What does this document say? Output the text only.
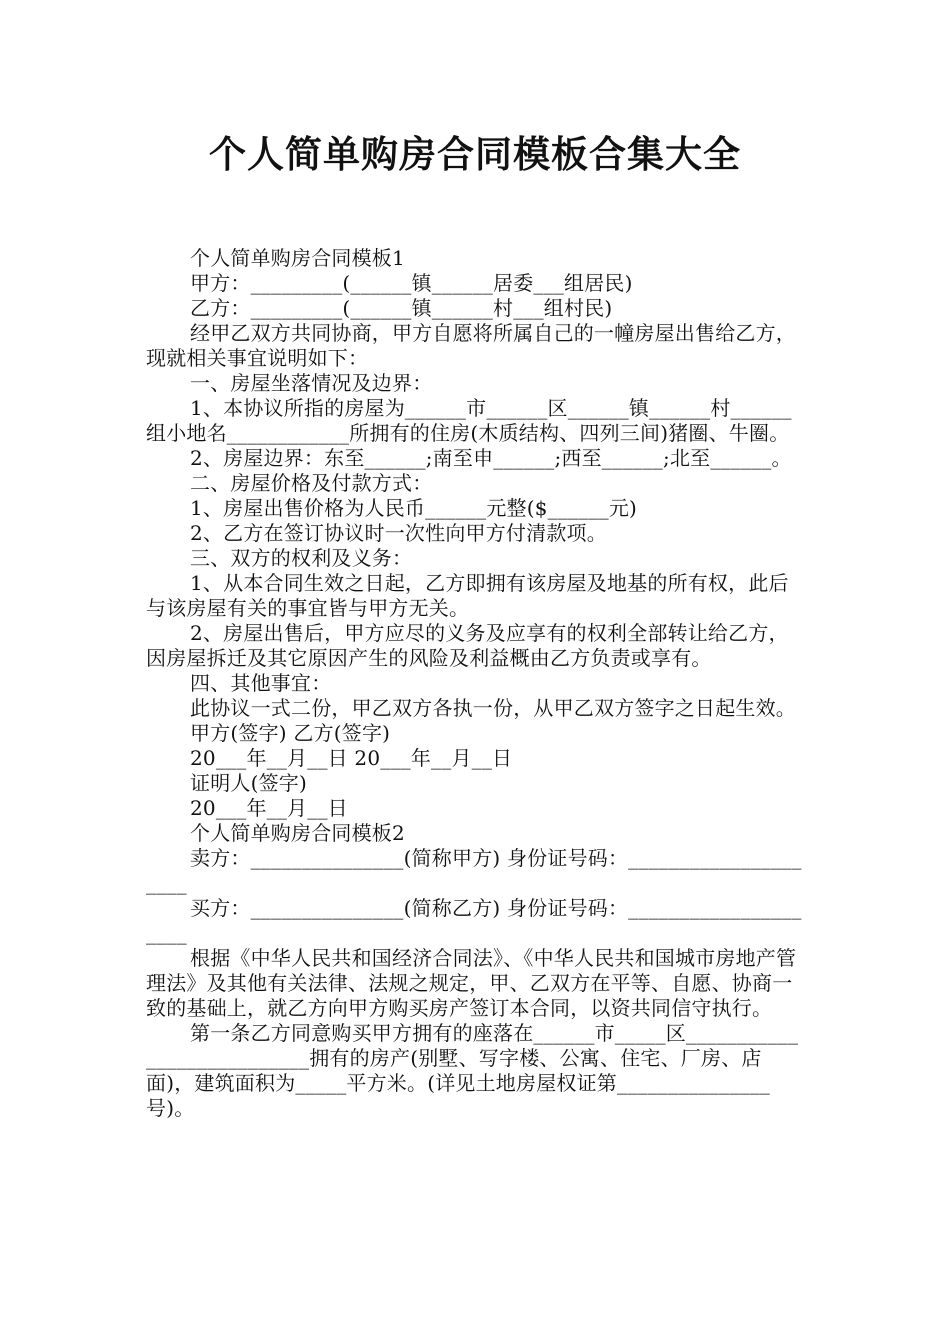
个人简单购房合同模板合集大全

个人简单购房合同模板1

甲方：_________(______镇______居委___组居民)

乙方：_________(______镇______村___组村民)

经甲乙双方共同协商，甲方自愿将所属自己的一幢房屋出售给乙方，现就相关事宜说明如下：

一、房屋坐落情况及边界：

1、本协议所指的房屋为______市______区______镇______村______组小地名____________所拥有的住房(木质结构、四列三间)猪圈、牛圈。

2、房屋边界：东至______;南至申______;西至______;北至______。

二、房屋价格及付款方式：

1、房屋出售价格为人民币______元整($______元)

2、乙方在签订协议时一次性向甲方付清款项。

三、双方的权利及义务：

1、从本合同生效之日起，乙方即拥有该房屋及地基的所有权，此后与该房屋有关的事宜皆与甲方无关。

2、房屋出售后，甲方应尽的义务及应享有的权利全部转让给乙方，因房屋拆迁及其它原因产生的风险及利益概由乙方负责或享有。

四、其他事宜：

此协议一式二份，甲乙双方各执一份，从甲乙双方签字之日起生效。

甲方(签字) 乙方(签字)

20___年__月__日 20___年__月__日

证明人(签字)

20___年__月__日

个人简单购房合同模板2

卖方：_______________(简称甲方) 身份证号码：_____________________

买方：_______________(简称乙方) 身份证号码：_____________________

根据《中华人民共和国经济合同法》、《中华人民共和国城市房地产管理法》及其他有关法律、法规之规定，甲、乙双方在平等、自愿、协商一致的基础上，就乙方向甲方购买房产签订本合同，以资共同信守执行。

第一条乙方同意购买甲方拥有的座落在______市_____区___________________________拥有的房产(别墅、写字楼、公寓、住宅、厂房、店面)，建筑面积为_____平方米。(详见土地房屋权证第_______________号)。
